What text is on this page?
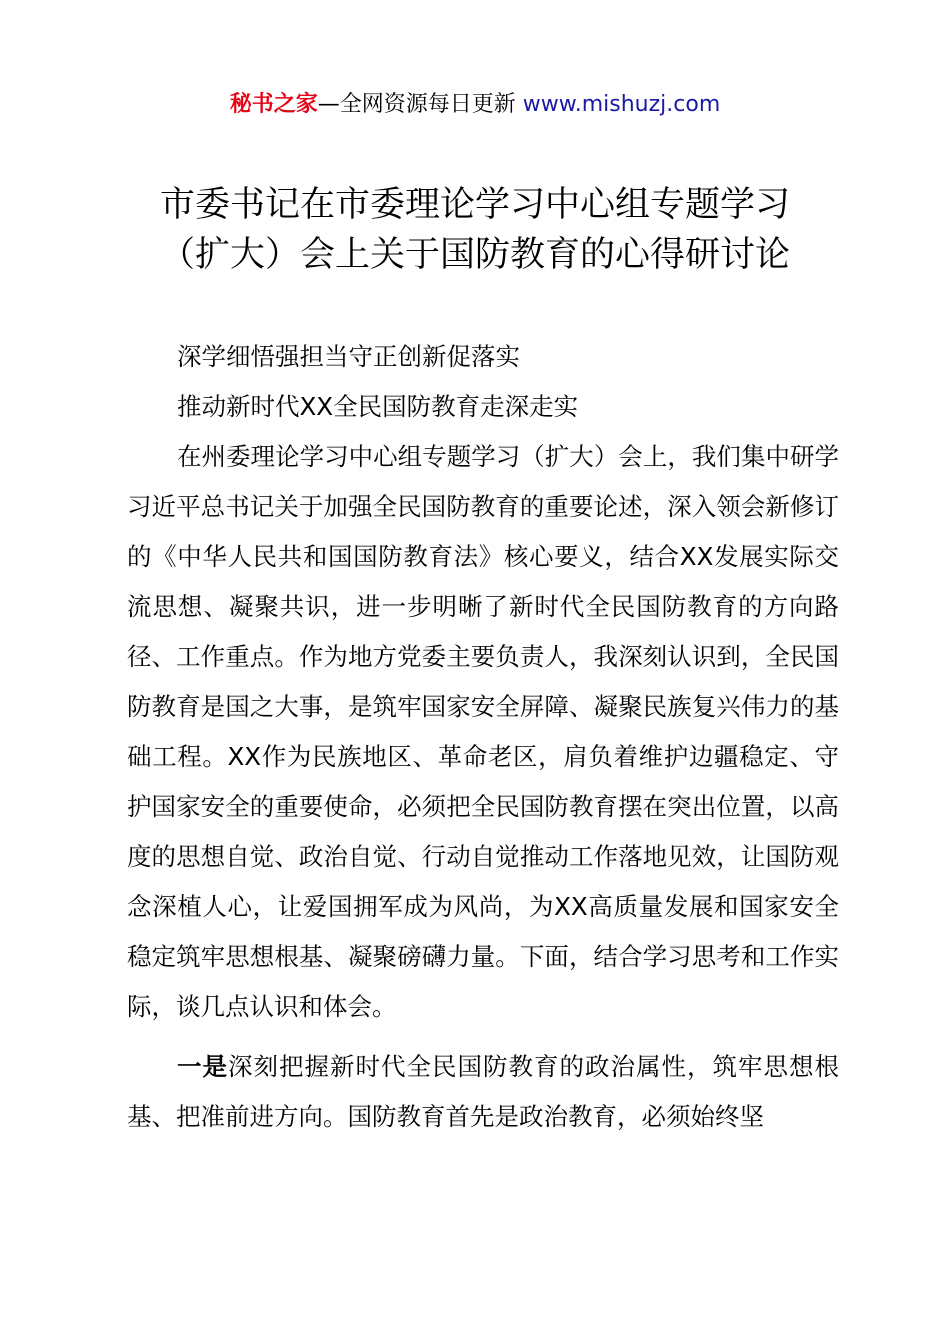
秘书之家—全网资源每日更新 www.mishuzj.com
市委书记在市委理论学习中心组专题学习
（扩大）会上关于国防教育的心得研讨论
深学细悟强担当守正创新促落实
推动新时代XX全民国防教育走深走实

在州委理论学习中心组专题学习（扩大）会上，我们集中研学习近平总书记关于加强全民国防教育的重要论述，深入领会新修订的《中华人民共和国国防教育法》核心要义，结合XX发展实际交流思想、凝聚共识，进一步明晰了新时代全民国防教育的方向路径、工作重点。作为地方党委主要负责人，我深刻认识到，全民国防教育是国之大事，是筑牢国家安全屏障、凝聚民族复兴伟力的基础工程。XX作为民族地区、革命老区，肩负着维护边疆稳定、守护国家安全的重要使命，必须把全民国防教育摆在突出位置，以高度的思想自觉、政治自觉、行动自觉推动工作落地见效，让国防观念深植人心，让爱国拥军成为风尚，为XX高质量发展和国家安全稳定筑牢思想根基、凝聚磅礴力量。下面，结合学习思考和工作实际，谈几点认识和体会。

一是深刻把握新时代全民国防教育的政治属性，筑牢思想根基、把准前进方向。国防教育首先是政治教育，必须始终坚
